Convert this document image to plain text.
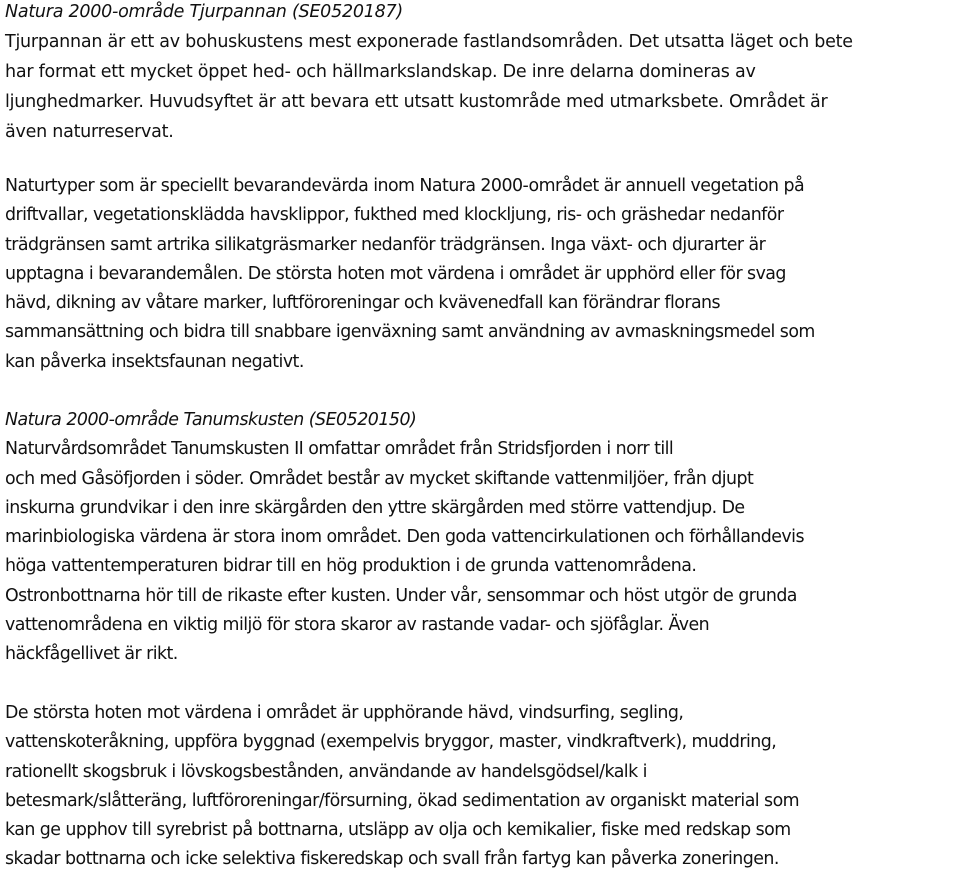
Natura 2000-område Tjurpannan (SE0520187)
Tjurpannan är ett av bohuskustens mest exponerade fastlandsområden. Det utsatta läget och bete
har format ett mycket öppet hed- och hällmarkslandskap. De inre delarna domineras av
ljunghedmarker. Huvudsyftet är att bevara ett utsatt kustområde med utmarksbete. Området är
även naturreservat.
Naturtyper som är speciellt bevarandevärda inom Natura 2000-området är annuell vegetation på
driftvallar, vegetationsklädda havsklippor, fukthed med klockljung, ris- och gräshedar nedanför
trädgränsen samt artrika silikatgräsmarker nedanför trädgränsen. Inga växt- och djurarter är
upptagna i bevarandemålen. De största hoten mot värdena i området är upphörd eller för svag
hävd, dikning av våtare marker, luftföroreningar och kvävenedfall kan förändrar florans
sammansättning och bidra till snabbare igenväxning samt användning av avmaskningsmedel som
kan påverka insektsfaunan negativt.
Natura 2000-område Tanumskusten (SE0520150)
Naturvårdsområdet Tanumskusten II omfattar området från Stridsfjorden i norr till
och med Gåsöfjorden i söder. Området består av mycket skiftande vattenmiljöer, från djupt
inskurna grundvikar i den inre skärgården den yttre skärgården med större vattendjup. De
marinbiologiska värdena är stora inom området. Den goda vattencirkulationen och förhållandevis
höga vattentemperaturen bidrar till en hög produktion i de grunda vattenområdena.
Ostronbottnarna hör till de rikaste efter kusten. Under vår, sensommar och höst utgör de grunda
vattenområdena en viktig miljö för stora skaror av rastande vadar- och sjöfåglar. Även
häckfågellivet är rikt.
De största hoten mot värdena i området är upphörande hävd, vindsurfing, segling,
vattenskoteråkning, uppföra byggnad (exempelvis bryggor, master, vindkraftverk), muddring,
rationellt skogsbruk i lövskogsbestånden, användande av handelsgödsel/kalk i
betesmark/slåtteräng, luftföroreningar/försurning, ökad sedimentation av organiskt material som
kan ge upphov till syrebrist på bottnarna, utsläpp av olja och kemikalier, fiske med redskap som
skadar bottnarna och icke selektiva fiskeredskap och svall från fartyg kan påverka zoneringen.
